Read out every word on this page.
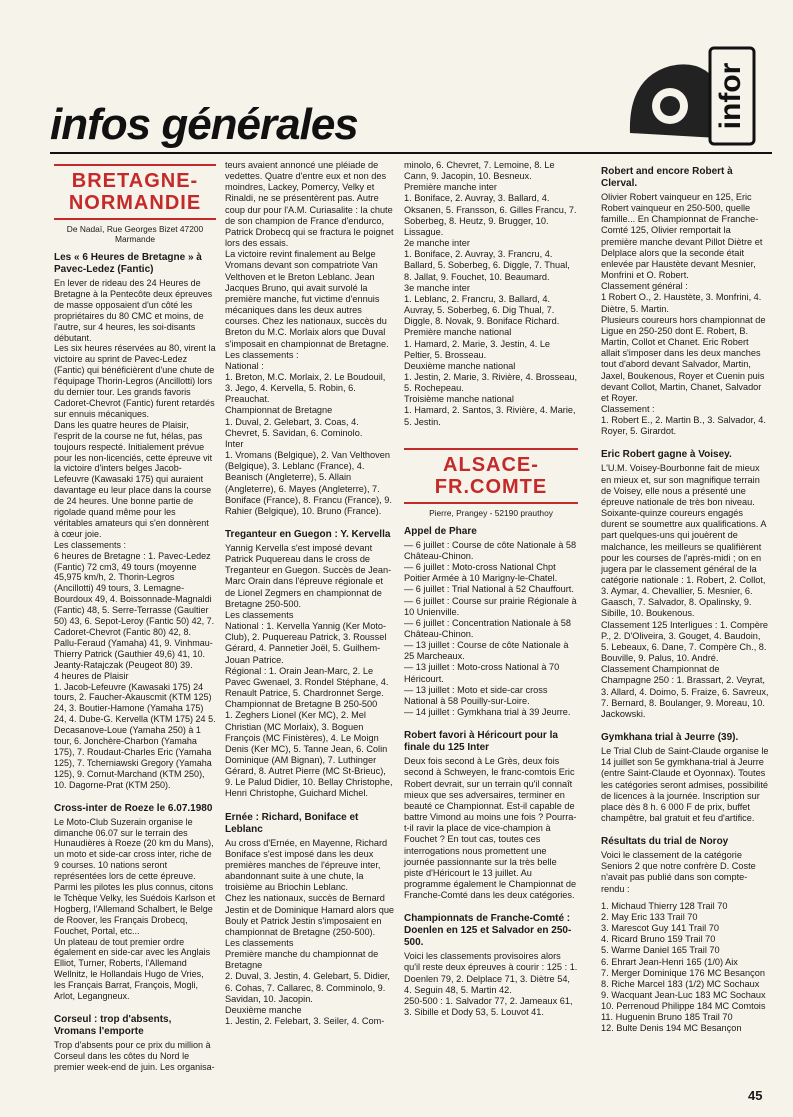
infor
infos générales
BRETAGNE-
NORMANDIE
De Nadaï, Rue Georges Bizet 47200 Marmande
Les « 6 Heures de Bretagne » à Pavec-Ledez (Fantic)
En lever de rideau des 24 Heures de Bretagne à la Pentecôte deux épreuves de masse opposaient d'un côté les propriétaires du 80 CMC et moins, de l'autre, sur 4 heures, les soi-disants débutant.
Les six heures réservées au 80, virent la victoire au sprint de Pavec-Ledez (Fantic) qui bénéficièrent d'une chute de l'équipage Thorin-Legros (Ancillotti) lors du dernier tour. Les grands favoris Cadoret-Chevrot (Fantic) furent retardés sur ennuis mécaniques.
Dans les quatre heures de Plaisir, l'esprit de la course ne fut, hélas, pas toujours respecté. Initialement prévue pour les non-licenciés, cette épreuve vit la victoire d'inters belges Jacob-Lefeuvre (Kawasaki 175) qui auraient davantage eu leur place dans la course de 24 heures. Une bonne partie de rigolade quand même pour les véritables amateurs qui s'en donnèrent à cœur joie.
Les classements :
6 heures de Bretagne : 1. Pavec-Ledez (Fantic) 72 cm3, 49 tours (moyenne 45,975 km/h, 2. Thorin-Legros (Ancillotti) 49 tours, 3. Lemagne-Bourdoux 49, 4. Boissonnade-Magnaldi (Fantic) 48, 5. Serre-Terrasse (Gaultier 50) 43, 6. Sepot-Leroy (Fantic 50) 42, 7. Cadoret-Chevrot (Fantic 80) 42, 8. Pallu-Feraud (Yamaha) 41, 9. Vinhmau-Thierry Patrick (Gauthier 49,6) 41, 10. Jeanty-Ratajczak (Peugeot 80) 39.
4 heures de Plaisir
1. Jacob-Lefeuvre (Kawasaki 175) 24 tours, 2. Faucher-Akauscmit (KTM 125) 24, 3. Boutier-Hamone (Yamaha 175) 24, 4. Dube-G. Kervella (KTM 175) 24 5. Decasanove-Loue (Yamaha 250) à 1 tour, 6. Jonchère-Charbon (Yamaha 175), 7. Roudaut-Charles Eric (Yamaha 125), 7. Tcherniawski Gregory (Yamaha 125), 9. Cornut-Marchand (KTM 250), 10. Dagorne-Prat (KTM 250).
Cross-inter de Roeze le 6.07.1980
Le Moto-Club Suzerain organise le dimanche 06.07 sur le terrain des Hunaudières à Roeze (20 km du Mans), un moto et side-car cross inter, riche de 9 courses. 10 nations seront représentées lors de cette épreuve.
Parmi les pilotes les plus connus, citons le Tchèque Velky, les Suédois Karlson et Hogberg, l'Allemand Schalbert, le Belge de Roover, les Français Drobecq, Fouchet, Portal, etc...
Un plateau de tout premier ordre également en side-car avec les Anglais Elliot, Turner, Roberts, l'Allemand Wellnitz, le Hollandais Hugo de Vries, les Français Barrat, François, Mogli, Arlot, Legangneux.
Corseul : trop d'absents, Vromans l'emporte
Trop d'absents pour ce prix du million à Corseul dans les côtes du Nord le premier week-end de juin. Les organisa-
teurs avaient annoncé une pléiade de vedettes. Quatre d'entre eux et non des moindres, Lackey, Pomercy, Velky et Rinaldi, ne se présentèrent pas. Autre coup dur pour l'A.M. Curiasalite : la chute de son champion de France d'endurco, Patrick Drobecq qui se fractura le poignet lors des essais.
La victoire revint finalement au Belge Vromans devant son compatriote Van Velthoven et le Breton Leblanc. Jean Jacques Bruno, qui avait survolé la première manche, fut victime d'ennuis mécaniques dans les deux autres courses. Chez les nationaux, succès du Breton du M.C. Morlaix alors que Duval s'imposait en championnat de Bretagne.
Les classements :
National :
1. Breton, M.C. Morlaix, 2. Le Boudouil, 3. Jego, 4. Kervella, 5. Robin, 6. Preauchat.
Championnat de Bretagne
1. Duval, 2. Gelebart, 3. Coas, 4. Chevret, 5. Savidan, 6. Cominolo.
Inter
1. Vromans (Belgique), 2. Van Velthoven (Belgique), 3. Leblanc (France), 4. Beanisch (Angleterre), 5. Allain (Angleterre), 6. Mayes (Angleterre), 7. Boniface (France), 8. Francu (France), 9. Rahier (Belgique), 10. Bruno (France).
Treganteur en Guegon : Y. Kervella
Yannig Kervella s'est imposé devant Patrick Puquereau dans le cross de Treganteur en Guegon. Succès de Jean-Marc Orain dans l'épreuve régionale et de Lionel Zegmers en championnat de Bretagne 250-500.
Les classements
National : 1. Kervella Yannig (Ker Moto-Club), 2. Puquereau Patrick, 3. Roussel Gérard, 4. Pannetier Joël, 5. Guilhem-Jouan Patrice.
Régional : 1. Orain Jean-Marc, 2. Le Pavec Gwenael, 3. Rondel Stéphane, 4. Renault Patrice, 5. Chardronnet Serge.
Championnat de Bretagne B 250-500
1. Zeghers Lionel (Ker MC), 2. Mel Christian (MC Morlaix), 3. Boguen François (MC Finistères), 4. Le Moign Denis (Ker MC), 5. Tanne Jean, 6. Colin Dominique (AM Bignan), 7. Luthinger Gérard, 8. Autret Pierre (MC St-Brieuc), 9. Le Palud Didier, 10. Bellay Christophe, Henri Christophe, Guichard Michel.
Ernée : Richard, Boniface et Leblanc
Au cross d'Ernée, en Mayenne, Richard Boniface s'est imposé dans les deux premières manches de l'épreuve inter, abandonnant suite à une chute, la troisième au Briochin Leblanc.
Chez les nationaux, succès de Bernard Jestin et de Dominique Hamard alors que Bouly et Patrick Jestin s'imposaient en championnat de Bretagne (250-500).
Les classements
Première manche du championnat de Bretagne
2. Duval, 3. Jestin, 4. Gelebart, 5. Didier, 6. Cohas, 7. Callarec, 8. Comminolo, 9. Savidan, 10. Jacopin.
Deuxième manche
1. Jestin, 2. Felebart, 3. Seiler, 4. Com-
minolo, 6. Chevret, 7. Lemoine, 8. Le Cann, 9. Jacopin, 10. Besneux.
Première manche inter
1. Boniface, 2. Auvray, 3. Ballard, 4. Oksanen, 5. Fransson, 6. Gilles Francu, 7. Soberbeg, 8. Heutz, 9. Brugger, 10. Lissague.
2e manche inter
1. Boniface, 2. Auvray, 3. Francru, 4. Ballard, 5. Soberbeg, 6. Diggle, 7. Thual, 8. Jallat, 9. Fouchet, 10. Beaumard.
3e manche inter
1. Leblanc, 2. Francru, 3. Ballard, 4. Auvray, 5. Soberbeg, 6. Dig Thual, 7. Diggle, 8. Novak, 9. Boniface Richard.
Première manche national
1. Hamard, 2. Marie, 3. Jestin, 4. Le Peltier, 5. Brosseau.
Deuxième manche national
1. Jestin, 2. Marie, 3. Rivière, 4. Brosseau, 5. Rochepeau.
Troisième manche national
1. Hamard, 2. Santos, 3. Rivière, 4. Marie, 5. Jestin.
ALSACE-
FR.COMTE
Pierre, Prangey - 52190 prauthoy
Appel de Phare
— 6 juillet : Course de côte Nationale à 58 Château-Chinon.
— 6 juillet : Moto-cross National Chpt Poitier Armée à 10 Marigny-le-Chatel.
— 6 juillet : Trial National à 52 Chauffourt.
— 6 juillet : Course sur prairie Régionale à 10 Unienville.
— 6 juillet : Concentration Nationale à 58 Château-Chinon.
— 13 juillet : Course de côte Nationale à 25 Marcheaux.
— 13 juillet : Moto-cross National à 70 Héricourt.
— 13 juillet : Moto et side-car cross National à 58 Pouilly-sur-Loire.
— 14 juillet : Gymkhana trial à 39 Jeurre.
Robert favori à Héricourt pour la finale du 125 Inter
Deux fois second à Le Grès, deux fois second à Schweyen, le franc-comtois Eric Robert devrait, sur un terrain qu'il connaît mieux que ses adversaires, terminer en beauté ce Championnat. Est-il capable de battre Vimond au moins une fois ? Pourra-t-il ravir la place de vice-champion à Fouchet ? En tout cas, toutes ces interrogations nous promettent une journée passionnante sur la très belle piste d'Héricourt le 13 juillet. Au programme également le Championnat de Franche-Comté dans les deux catégories.
Championnats de Franche-Comté : Doenlen en 125 et Salvador en 250-500.
Voici les classements provisoires alors qu'il reste deux épreuves à courir : 125 : 1. Doenlen 79, 2. Delplace 71, 3. Diètre 54, 4. Seguin 48, 5. Martin 42.
250-500 : 1. Salvador 77, 2. Jameaux 61, 3. Sibille et Dody 53, 5. Louvot 41.
Robert and encore Robert à Clerval.
Olivier Robert vainqueur en 125, Eric Robert vainqueur en 250-500, quelle famille... En Championnat de Franche-Comté 125, Olivier remportait la première manche devant Pillot Diètre et Delplace alors que la seconde était enlevée par Haustète devant Mesnier, Monfrini et O. Robert.
Classement général :
1 Robert O., 2. Haustète, 3. Monfrini, 4. Diètre, 5. Martin.
Plusieurs coureurs hors championnat de Ligue en 250-250 dont E. Robert, B. Martin, Collot et Chanet. Eric Robert allait s'imposer dans les deux manches tout d'abord devant Salvador, Martin, Jaxel, Boukenous, Royer et Cuenin puis devant Collot, Martin, Chanet, Salvador et Royer.
Classement :
1. Robert E., 2. Martin B., 3. Salvador, 4. Royer, 5. Girardot.
Eric Robert gagne à Voisey.
L'U.M. Voisey-Bourbonne fait de mieux en mieux et, sur son magnifique terrain de Voisey, elle nous a présenté une épreuve nationale de très bon niveau. Soixante-quinze coureurs engagés durent se soumettre aux qualifications. A part quelques-uns qui jouèrent de malchance, les meilleurs se qualifièrent pour les courses de l'après-midi ; on en jugera par le classement général de la catégorie nationale : 1. Robert, 2. Collot, 3. Aymar, 4. Chevallier, 5. Mesnier, 6. Gaasch, 7. Salvador, 8. Opalinsky, 9. Sibille, 10. Boukenous.
Classement 125 Interligues : 1. Compère P., 2. D'Oliveira, 3. Gouget, 4. Baudoin, 5. Lebeaux, 6. Dane, 7. Compère Ch., 8. Bouville, 9. Palus, 10. André.
Classement Championnat de Champagne 250 : 1. Brassart, 2. Veyrat, 3. Allard, 4. Doimo, 5. Fraize, 6. Savreux, 7. Bernard, 8. Boulanger, 9. Moreau, 10. Jackowski.
Gymkhana trial à Jeurre (39).
Le Trial Club de Saint-Claude organise le 14 juillet son 5e gymkhana-trial à Jeurre (entre Saint-Claude et Oyonnax). Toutes les catégories seront admises, possibilité de licences à la journée. Inscription sur place dès 8 h. 6 000 F de prix, buffet champêtre, bal gratuit et feu d'artifice.
Résultats du trial de Noroy
Voici le classement de la catégorie Seniors 2 que notre confrère D. Coste n'avait pas publié dans son compte-rendu :
1. Michaud Thierry 128 Trail 70
2. May Eric 133 Trail 70
3. Marescot Guy 141 Trail 70
4. Ricard Bruno 159 Trail 70
5. Warme Daniel 165 Trail 70
6. Ehrart Jean-Henri 165 (1/0) Aix
7. Merger Dominique 176 MC Besançon
8. Riche Marcel 183 (1/2) MC Sochaux
9. Wacquant Jean-Luc 183 MC Sochaux
10. Perrenoud Philippe 184 MC Comtois
11. Huguenin Bruno 185 Trail 70
12. Bulte Denis 194 MC Besançon
45
